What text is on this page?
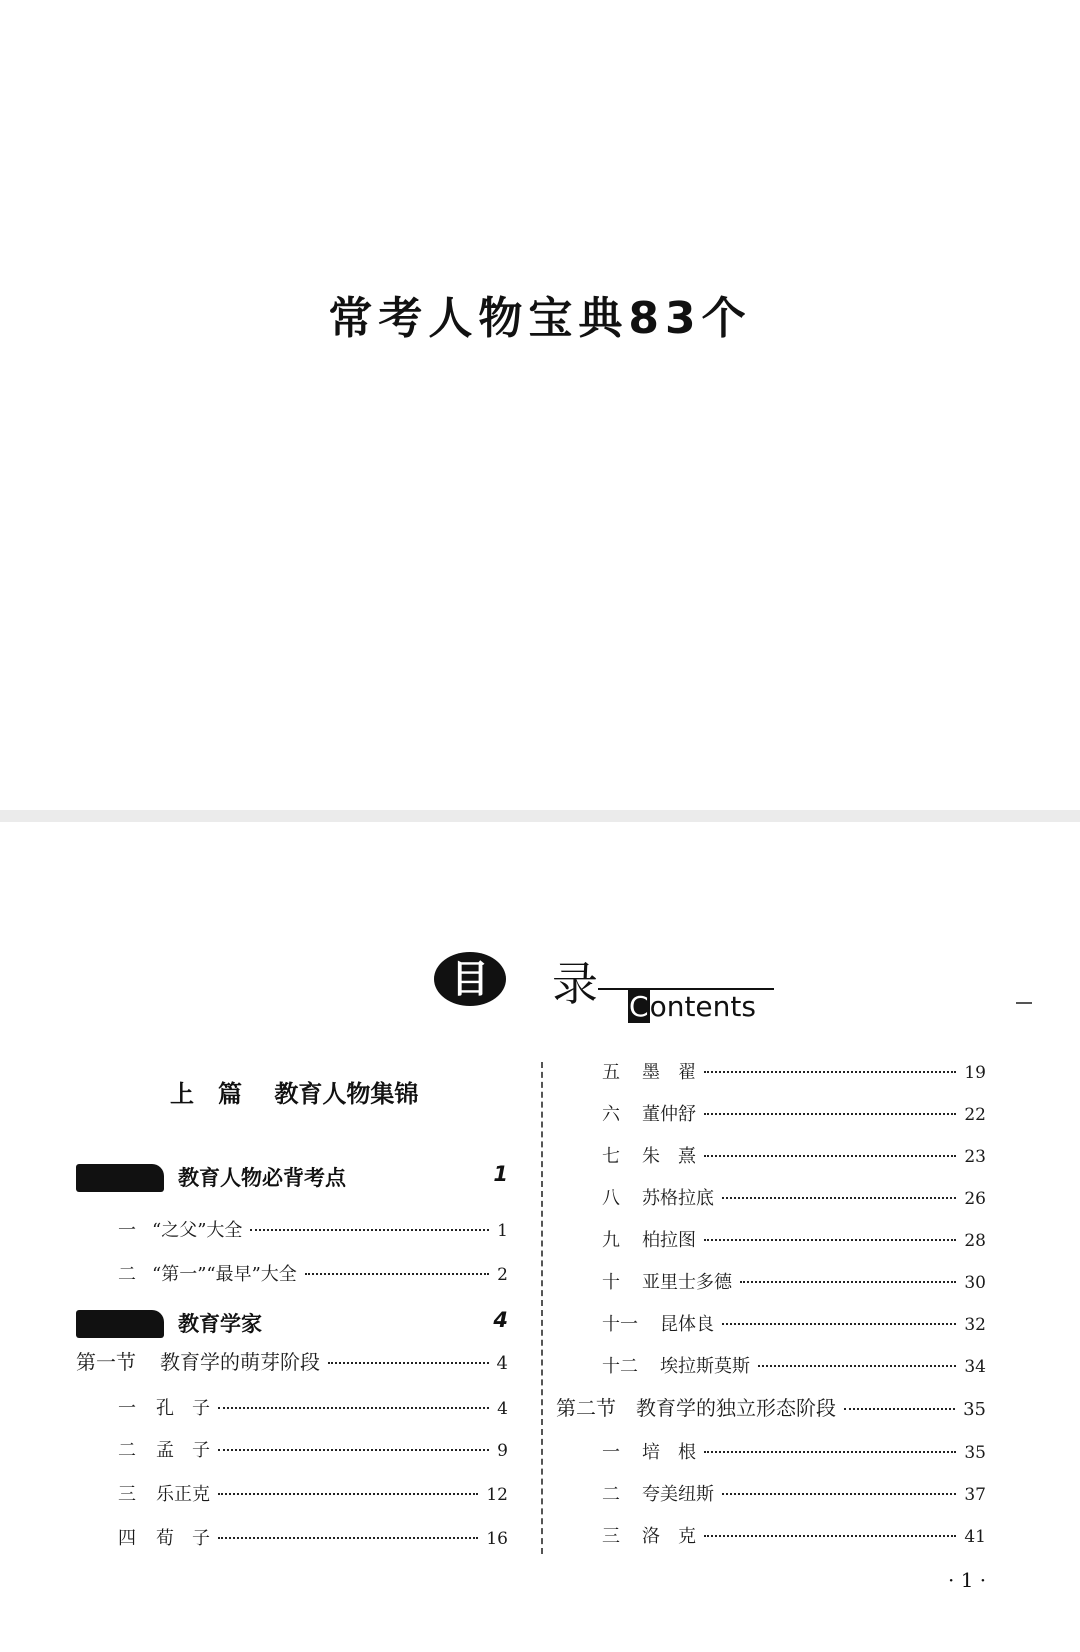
常考人物宝典83个
目	录 Contents
上　篇　 教育人物集锦
教育人物必背考点	1
一 “之父”大全	1
二 “第一”“最早”大全	2
教育学家	4
第一节 教育学的萌芽阶段	4
一 孔　子	4
二 孟　子	9
三 乐正克	12
四 荀　子	16
五	墨　翟	19
六	董仲舒	22
七	朱　熹	23
八	苏格拉底	26
九	柏拉图	28
十	亚里士多德	30
十一	昆体良	32
十二	埃拉斯莫斯	34
第二节 教育学的独立形态阶段	35
一	培　根	35
二	夸美纽斯	37
三	洛　克	41
· 1 ·
